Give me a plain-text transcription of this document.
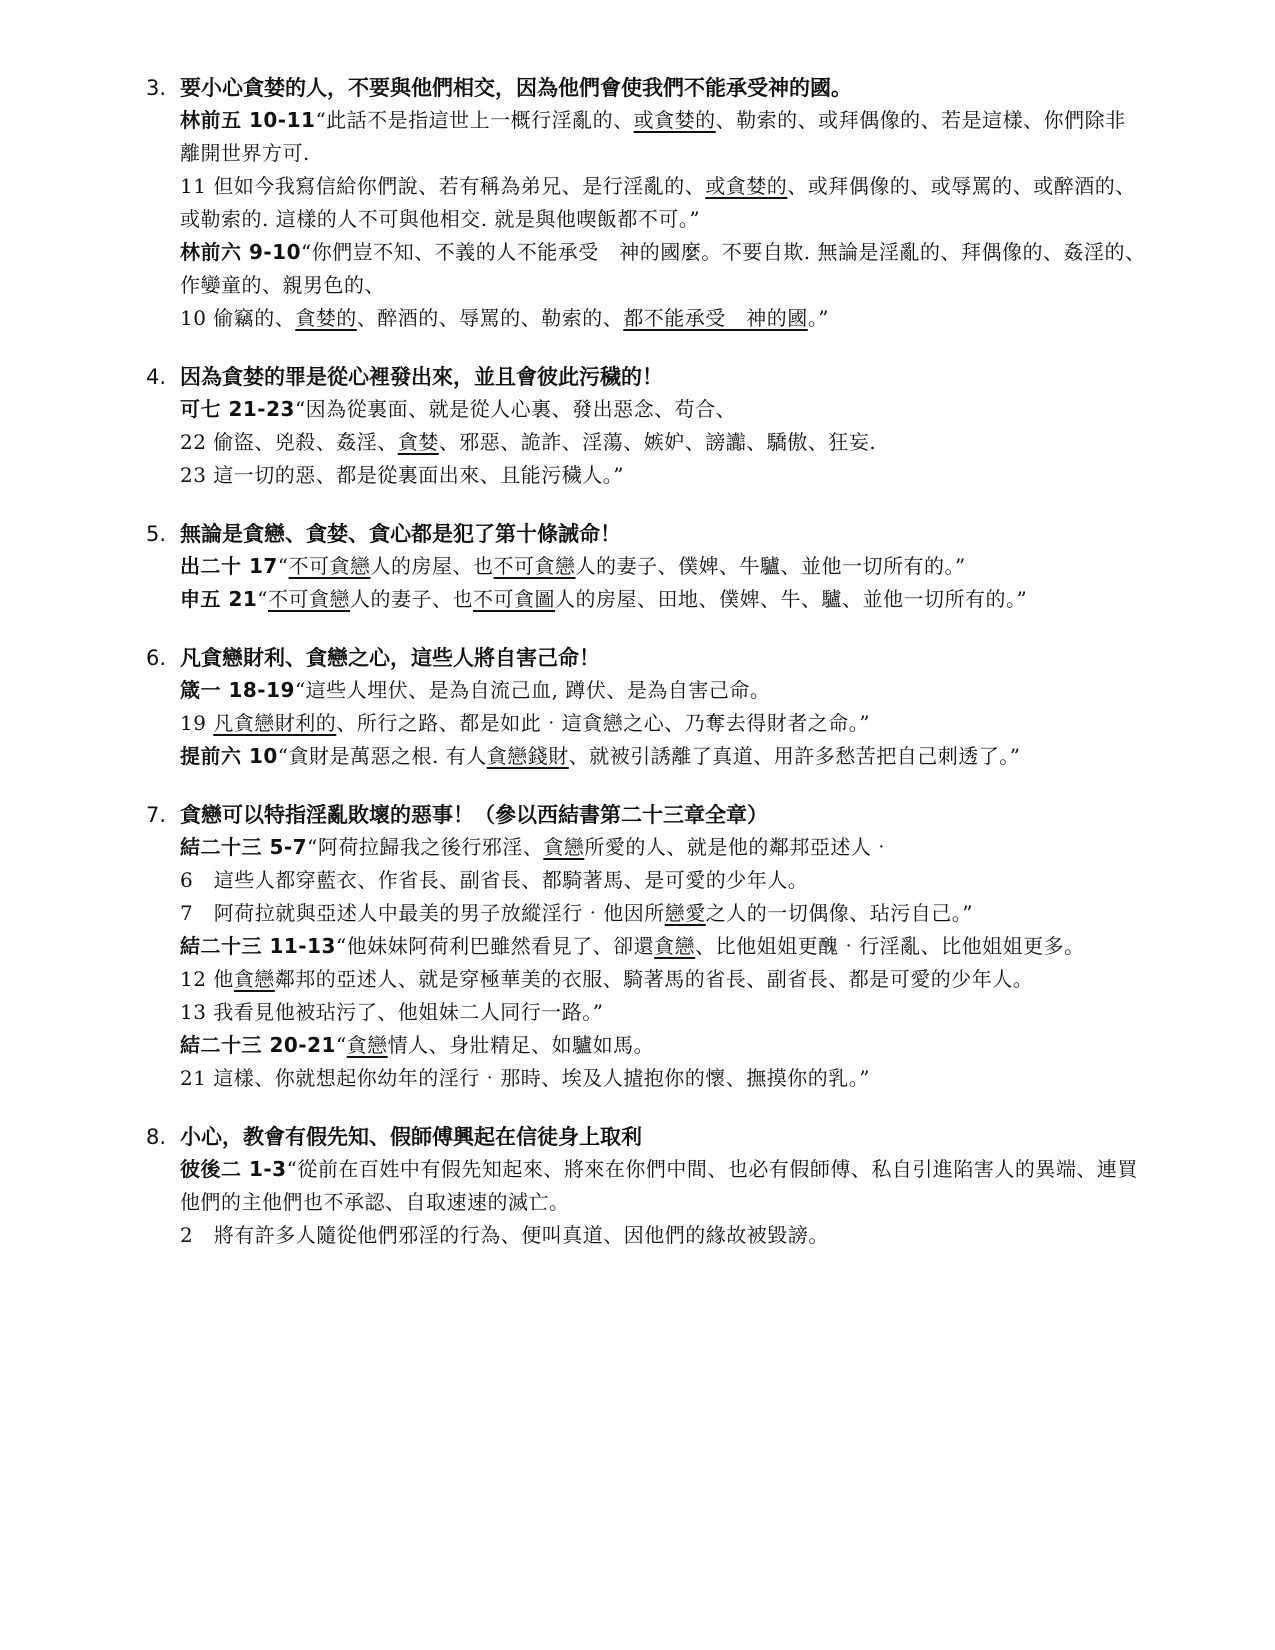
3. 要小心貪婪的人，不要與他們相交，因為他們會使我們不能承受神的國。

林前五 10-11“此話不是指這世上一概行淫亂的、或貪婪的、勒索的、或拜偶像的、若是這樣、你們除非離開世界方可.

11 但如今我寫信給你們說、若有稱為弟兄、是行淫亂的、或貪婪的、或拜偶像的、或辱罵的、或醉酒的、或勒索的. 這樣的人不可與他相交. 就是與他喫飯都不可。”

林前六 9-10“你們豈不知、不義的人不能承受　神的國麼。不要自欺. 無論是淫亂的、拜偶像的、姦淫的、作孌童的、親男色的、

10 偷竊的、貪婪的、醉酒的、辱罵的、勒索的、都不能承受　神的國。”

4. 因為貪婪的罪是從心裡發出來，並且會彼此污穢的！

可七 21-23“因為從裏面、就是從人心裏、發出惡念、苟合、

22 偷盜、兇殺、姦淫、貪婪、邪惡、詭詐、淫蕩、嫉妒、謗讟、驕傲、狂妄.

23 這一切的惡、都是從裏面出來、且能污穢人。”

5. 無論是貪戀、貪婪、貪心都是犯了第十條誡命！

出二十 17“不可貪戀人的房屋、也不可貪戀人的妻子、僕婢、牛驢、並他一切所有的。”

申五 21“不可貪戀人的妻子、也不可貪圖人的房屋、田地、僕婢、牛、驢、並他一切所有的。”

6. 凡貪戀財利、貪戀之心，這些人將自害己命！

箴一 18-19“這些人埋伏、是為自流己血, 蹲伏、是為自害己命。

19 凡貪戀財利的、所行之路、都是如此‧這貪戀之心、乃奪去得財者之命。”

提前六 10“貪財是萬惡之根. 有人貪戀錢財、就被引誘離了真道、用許多愁苦把自己刺透了。”

7. 貪戀可以特指淫亂敗壞的惡事！（參以西結書第二十三章全章）

結二十三 5-7“阿荷拉歸我之後行邪淫、貪戀所愛的人、就是他的鄰邦亞述人‧

6　這些人都穿藍衣、作省長、副省長、都騎著馬、是可愛的少年人。

7　阿荷拉就與亞述人中最美的男子放縱淫行‧他因所戀愛之人的一切偶像、玷污自己。”

結二十三 11-13“他妹妹阿荷利巴雖然看見了、卻還貪戀、比他姐姐更醜‧行淫亂、比他姐姐更多。

12 他貪戀鄰邦的亞述人、就是穿極華美的衣服、騎著馬的省長、副省長、都是可愛的少年人。

13 我看見他被玷污了、他姐妹二人同行一路。”

結二十三 20-21“貪戀情人、身壯精足、如驢如馬。

21 這樣、你就想起你幼年的淫行‧那時、埃及人摣抱你的懷、撫摸你的乳。”

8. 小心，教會有假先知、假師傅興起在信徒身上取利

彼後二 1-3“從前在百姓中有假先知起來、將來在你們中間、也必有假師傅、私自引進陷害人的異端、連買他們的主他們也不承認、自取速速的滅亡。

2　將有許多人隨從他們邪淫的行為、便叫真道、因他們的緣故被毀謗。
